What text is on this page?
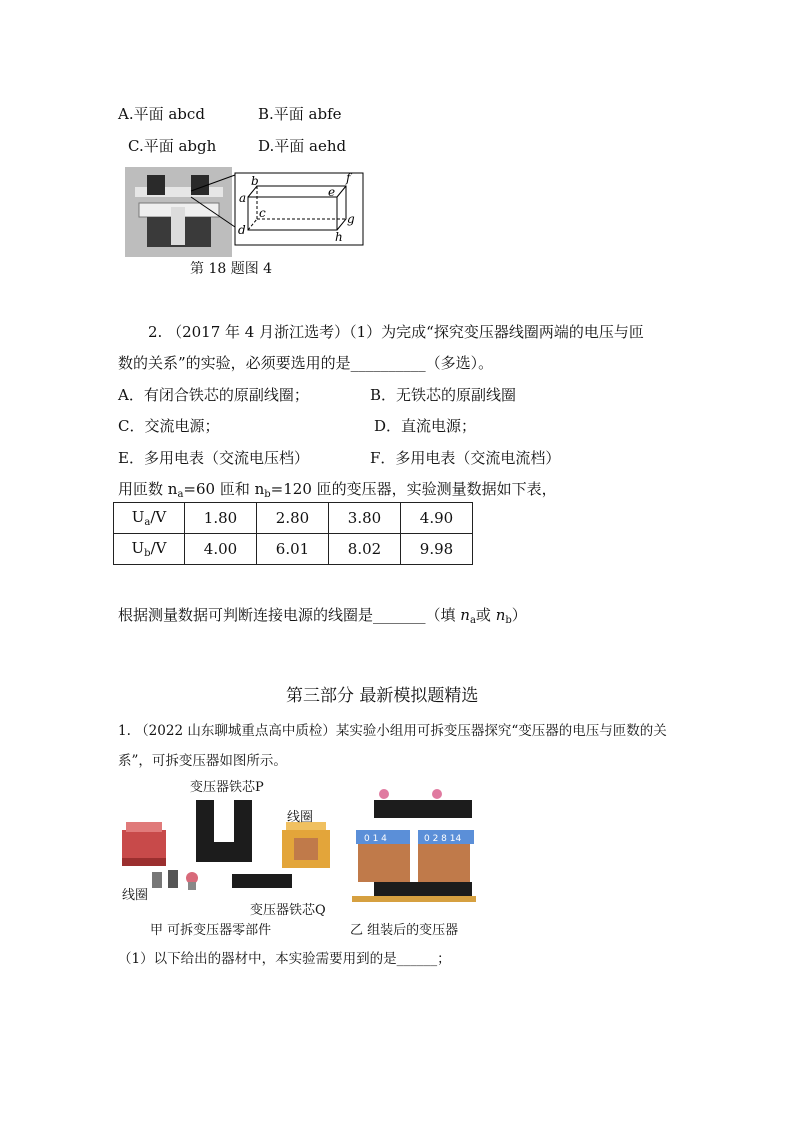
A.平面 abcd	B.平面 abfe
C.平面 abgh	D.平面 aehd
b
a
c
d
e
f
g
h
第 18 题图 4
2. （2017 年 4 月浙江选考）（1）为完成“探究变压器线圈两端的电压与匝
数的关系”的实验，必须要选用的是__________（多选）。
A．有闭合铁芯的原副线圈；	B．无铁芯的原副线圈
C．交流电源；	D．直流电源；
E．多用电表（交流电压档）	F．多用电表（交流电流档）
用匝数 $n_a=60$ 匝和 $n_b=120$ 匝的变压器，实验测量数据如下表，
$U_a/V$	1.80	2.80	3.80	4.90
$U_b/V$	4.00	6.01	8.02	9.98
根据测量数据可判断连接电源的线圈是_______（填 $n_a$或 $n_b$）
第三部分 最新模拟题精选
1. （2022 山东聊城重点高中质检）某实验小组用可拆变压器探究“变压器的电压与匝数的关
系”，可拆变压器如图所示。
0 1 4	0 2 8 14
变压器铁芯P
线圈
线圈
变压器铁芯Q
甲 可拆变压器零部件	乙 组装后的变压器
（1）以下给出的器材中，本实验需要用到的是______；
